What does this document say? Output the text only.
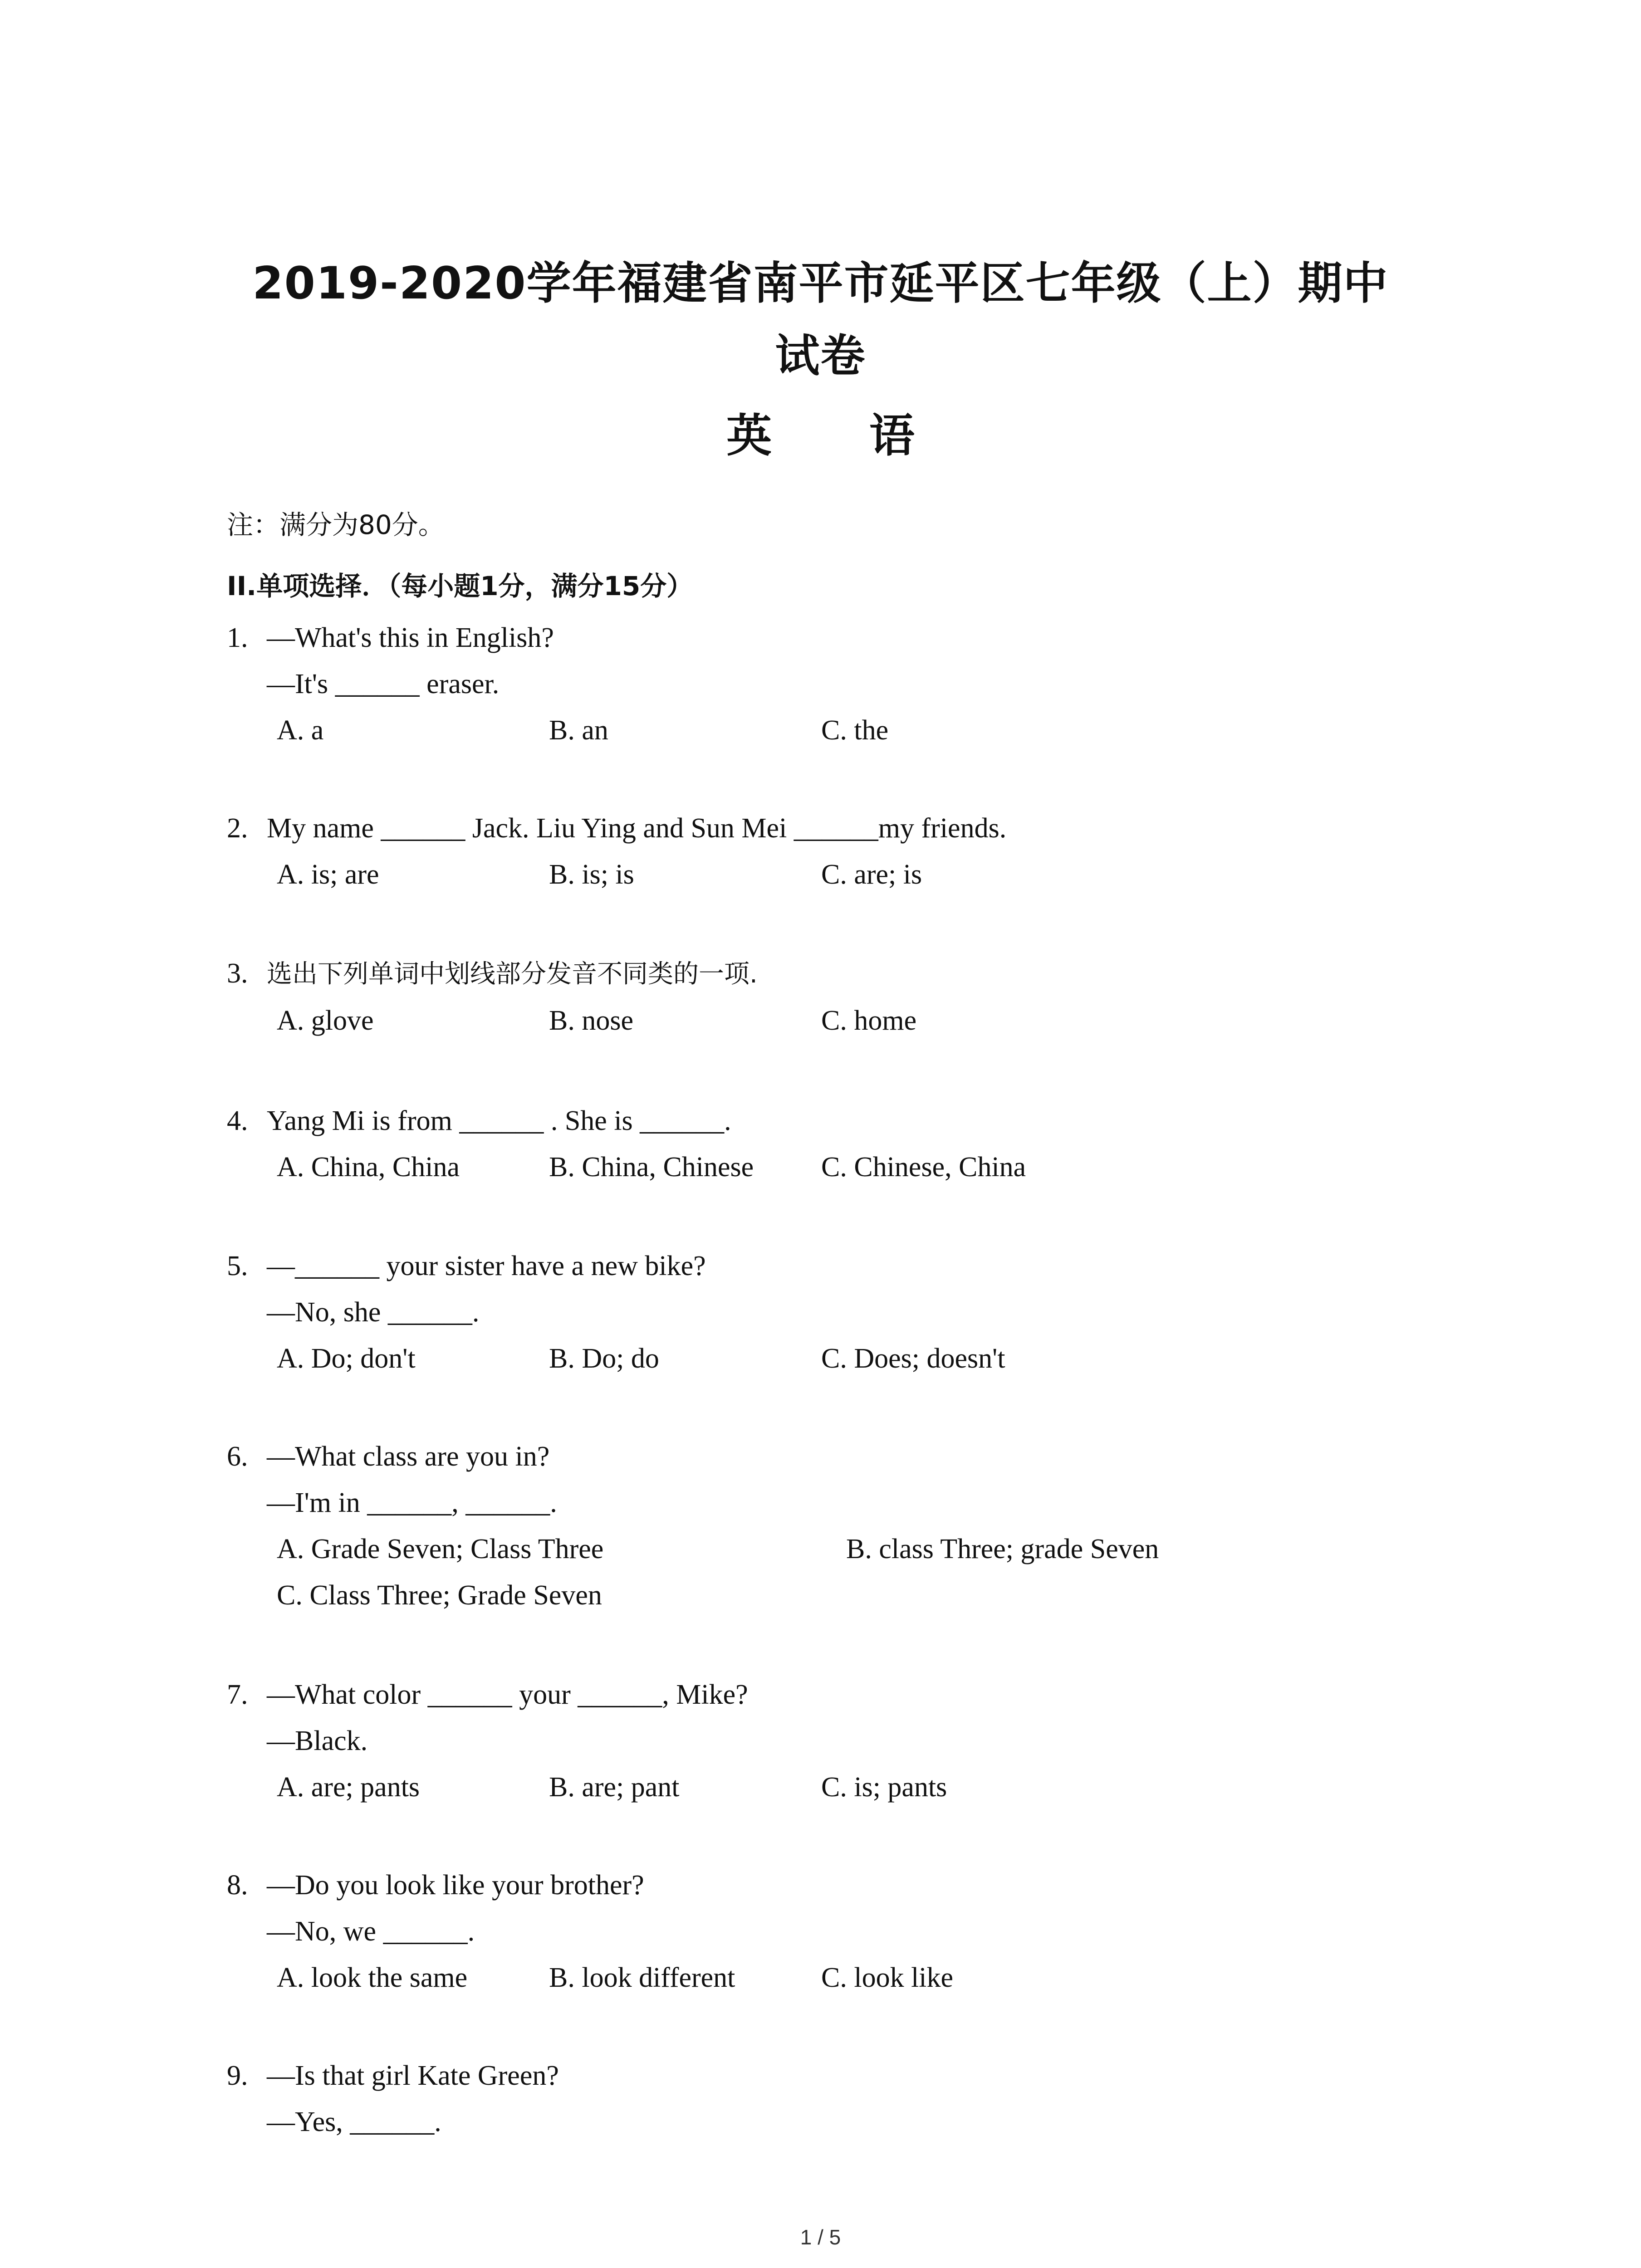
2019-2020学年福建省南平市延平区七年级（上）期中
试卷
英 语
注：满分为80分。
II.单项选择．（每小题1分，满分15分）
1. —What's this in English?
—It's ______ eraser.
A. a	B. an	C. the
2. My name ______ Jack. Liu Ying and Sun Mei ______my friends.
A. is; are	B. is; is	C. are; is
3. 选出下列单词中划线部分发音不同类的一项.
A. glove	B. nose	C. home
4. Yang Mi is from ______ . She is ______.
A. China, China	B. China, Chinese C. Chinese, China
5. —______ your sister have a new bike?
—No, she ______.
A. Do; don't	B. Do; do	C. Does; doesn't
6. —What class are you in?
—I'm in ______, ______.
A. Grade Seven; Class Three	B. class Three; grade Seven
C. Class Three; Grade Seven
7. —What color ______ your ______, Mike?
—Black.
A. are; pants	B. are; pant	C. is; pants
8. —Do you look like your brother?
—No, we ______.
A. look the same	B. look different	C. look like
9. —Is that girl Kate Green?
—Yes, ______.
1 / 5
